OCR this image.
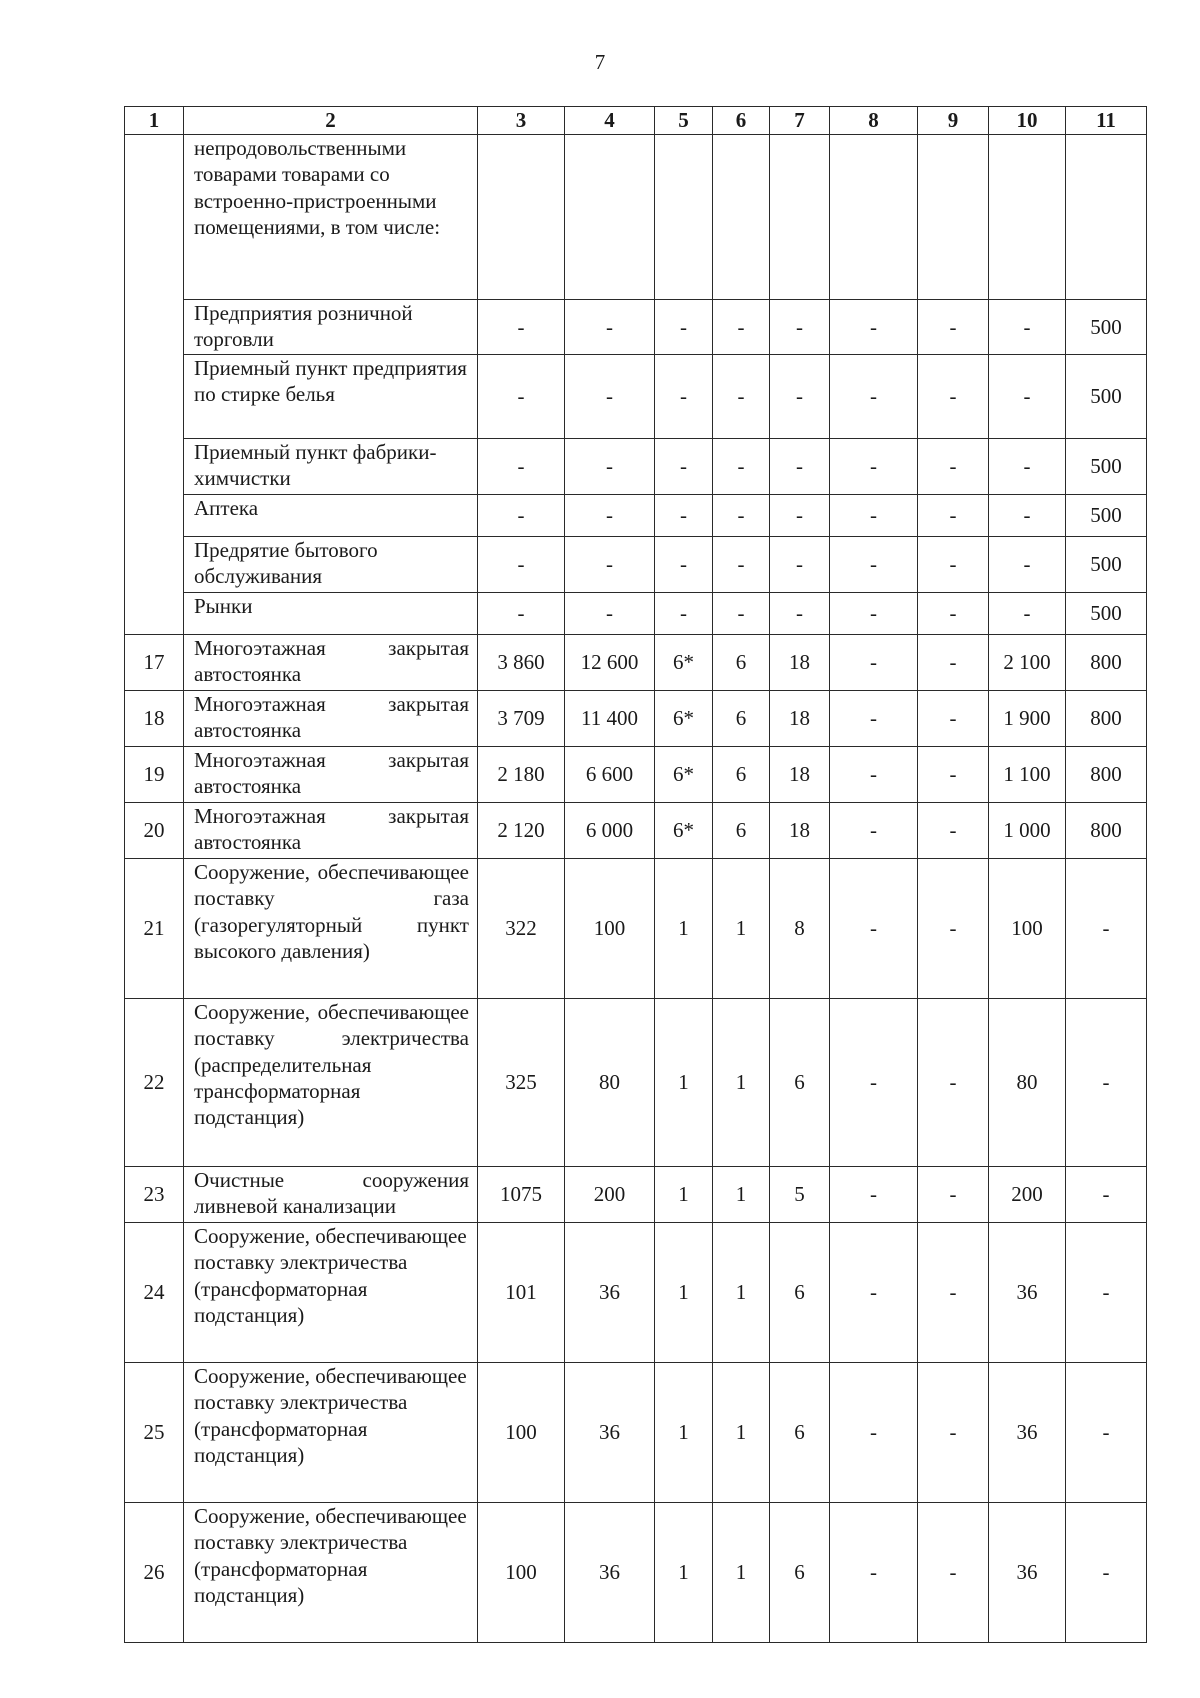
7
1	2	3	4	5	6	7	8	9	10	11
	непродовольственными товарами товарами со встроенно-пристроенными помещениями, в том числе:									
	Предприятия розничной торговли	-	-	-	-	-	-	-	-	500
	Приемный пункт предприятия по стирке белья	-	-	-	-	-	-	-	-	500
	Приемный пункт фабрики-химчистки	-	-	-	-	-	-	-	-	500
	Аптека	-	-	-	-	-	-	-	-	500
	Предрятие бытового обслуживания	-	-	-	-	-	-	-	-	500
	Рынки	-	-	-	-	-	-	-	-	500
17	Многоэтажная закрытая автостоянка	3 860	12 600	6*	6	18	-	-	2 100	800
18	Многоэтажная закрытая автостоянка	3 709	11 400	6*	6	18	-	-	1 900	800
19	Многоэтажная закрытая автостоянка	2 180	6 600	6*	6	18	-	-	1 100	800
20	Многоэтажная закрытая автостоянка	2 120	6 000	6*	6	18	-	-	1 000	800
21	Сооружение, обеспечивающее поставку газа (газорегуляторный пункт высокого давления)	322	100	1	1	8	-	-	100	-
22	Сооружение, обеспечивающее поставку электричества (распределительная трансформаторная подстанция)	325	80	1	1	6	-	-	80	-
23	Очистные сооружения ливневой канализации	1075	200	1	1	5	-	-	200	-
24	Сооружение, обеспечивающее поставку электричества (трансформаторная подстанция)	101	36	1	1	6	-	-	36	-
25	Сооружение, обеспечивающее поставку электричества (трансформаторная подстанция)	100	36	1	1	6	-	-	36	-
26	Сооружение, обеспечивающее поставку электричества (трансформаторная подстанция)	100	36	1	1	6	-	-	36	-
